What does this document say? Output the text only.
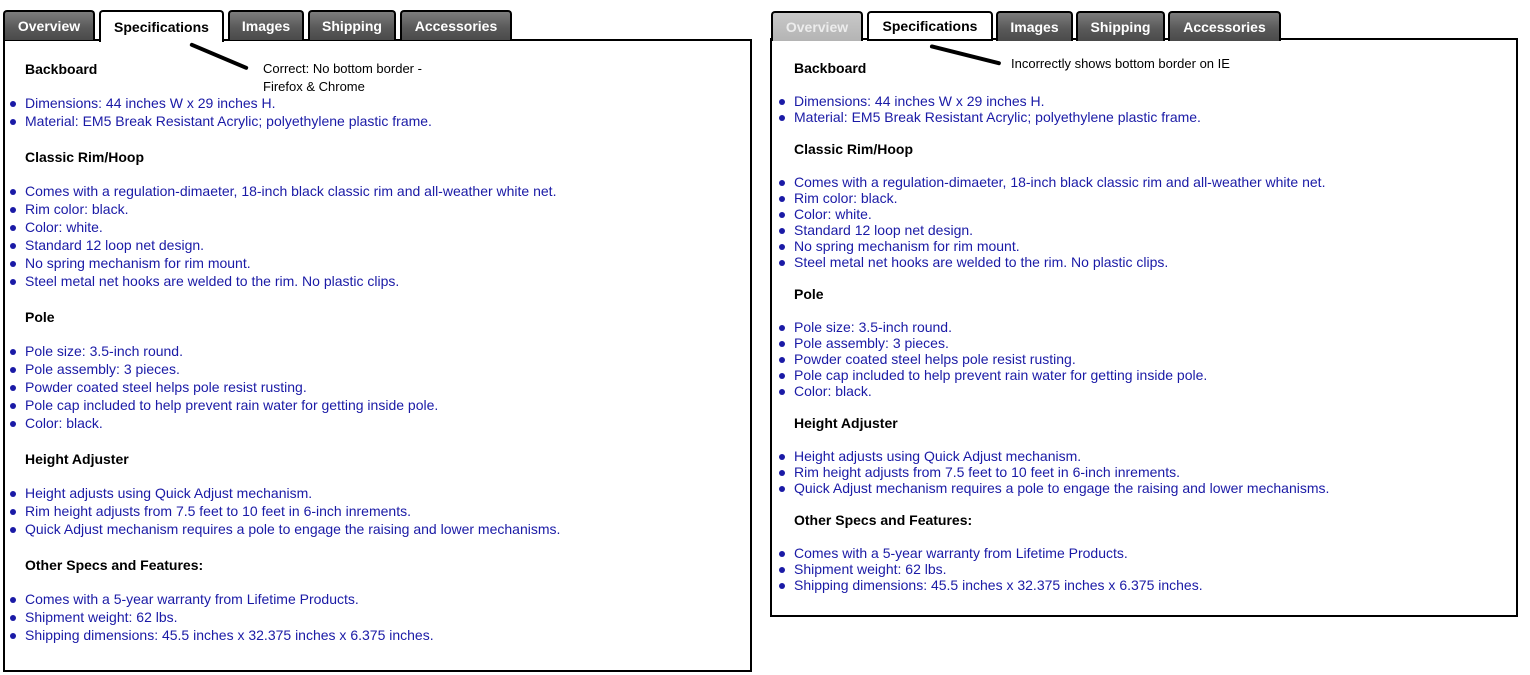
Overview	Specifications	Images	Shipping	Accessories
Correct: No bottom border -
Firefox & Chrome
Backboard
Dimensions: 44 inches W x 29 inches H.
Material: EM5 Break Resistant Acrylic; polyethylene plastic frame.
Classic Rim/Hoop
Comes with a regulation-dimaeter, 18-inch black classic rim and all-weather white net.
Rim color: black.
Color: white.
Standard 12 loop net design.
No spring mechanism for rim mount.
Steel metal net hooks are welded to the rim. No plastic clips.
Pole
Pole size: 3.5-inch round.
Pole assembly: 3 pieces.
Powder coated steel helps pole resist rusting.
Pole cap included to help prevent rain water for getting inside pole.
Color: black.
Height Adjuster
Height adjusts using Quick Adjust mechanism.
Rim height adjusts from 7.5 feet to 10 feet in 6-inch inrements.
Quick Adjust mechanism requires a pole to engage the raising and lower mechanisms.
Other Specs and Features:
Comes with a 5-year warranty from Lifetime Products.
Shipment weight: 62 lbs.
Shipping dimensions: 45.5 inches x 32.375 inches x 6.375 inches.
Overview	Specifications	Images	Shipping	Accessories
Incorrectly shows bottom border on IE
Backboard
Dimensions: 44 inches W x 29 inches H.
Material: EM5 Break Resistant Acrylic; polyethylene plastic frame.
Classic Rim/Hoop
Comes with a regulation-dimaeter, 18-inch black classic rim and all-weather white net.
Rim color: black.
Color: white.
Standard 12 loop net design.
No spring mechanism for rim mount.
Steel metal net hooks are welded to the rim. No plastic clips.
Pole
Pole size: 3.5-inch round.
Pole assembly: 3 pieces.
Powder coated steel helps pole resist rusting.
Pole cap included to help prevent rain water for getting inside pole.
Color: black.
Height Adjuster
Height adjusts using Quick Adjust mechanism.
Rim height adjusts from 7.5 feet to 10 feet in 6-inch inrements.
Quick Adjust mechanism requires a pole to engage the raising and lower mechanisms.
Other Specs and Features:
Comes with a 5-year warranty from Lifetime Products.
Shipment weight: 62 lbs.
Shipping dimensions: 45.5 inches x 32.375 inches x 6.375 inches.
